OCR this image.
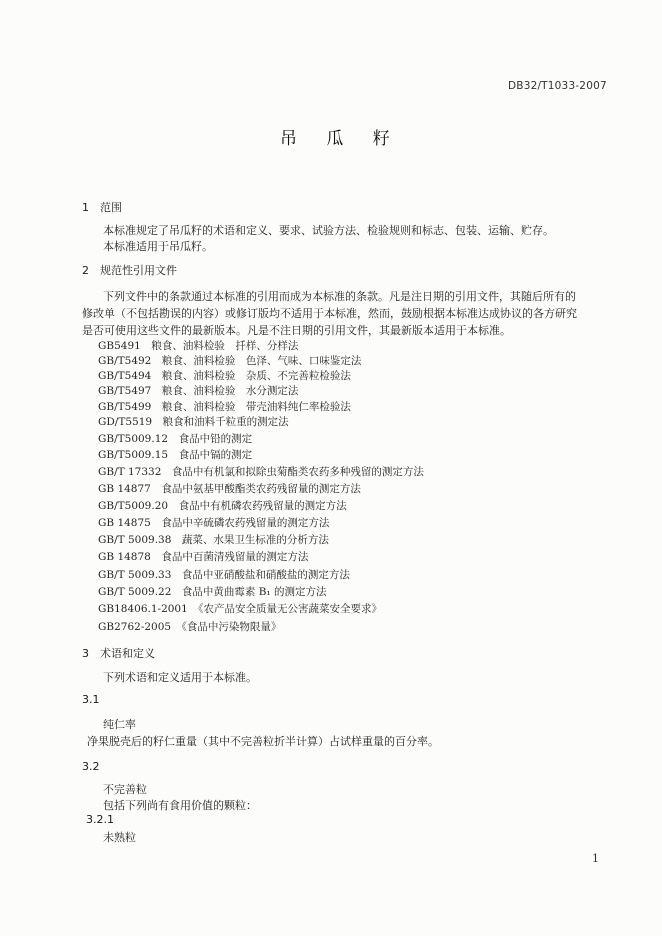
DB32/T1033-2007
吊 瓜 籽
1　范围
本标准规定了吊瓜籽的术语和定义、要求、试验方法、检验规则和标志、包装、运输、贮存。
本标准适用于吊瓜籽。
2　规范性引用文件
下列文件中的条款通过本标准的引用而成为本标准的条款。凡是注日期的引用文件，其随后所有的
修改单（不包括勘误的内容）或修订版均不适用于本标准，然而，鼓励根据本标准达成协议的各方研究
是否可使用这些文件的最新版本。凡是不注日期的引用文件，其最新版本适用于本标准。
GB5491　 粮食、油料检验　扦样、分样法
GB/T5492　 粮食、油料检验　色泽、气味、口味鉴定法
GB/T5494　 粮食、油料检验　杂质、不完善粒检验法
GB/T5497　 粮食、油料检验　水分测定法
GB/T5499　 粮食、油料检验　带壳油料纯仁率检验法
GD/T5519　 粮食和油料千粒重的测定法
GB/T5009.12　 食品中铅的测定
GB/T5009.15　 食品中镉的测定
GB/T 17332　 食品中有机氯和拟除虫菊酯类农药多种残留的测定方法
GB 14877　 食品中氨基甲酸酯类农药残留量的测定方法
GB/T5009.20　 食品中有机磷农药残留量的测定方法
GB 14875　 食品中辛硫磷农药残留量的测定方法
GB/T 5009.38　 蔬菜、水果卫生标准的分析方法
GB 14878　 食品中百菌清残留量的测定方法
GB/T 5009.33　 食品中亚硝酸盐和硝酸盐的测定方法
GB/T 5009.22　 食品中黄曲霉素 B₁ 的测定方法
GB18406.1-2001　 《农产品安全质量无公害蔬菜安全要求》
GB2762-2005　 《食品中污染物限量》
3　术语和定义
下列术语和定义适用于本标准。
3.1
纯仁率
净果脱壳后的籽仁重量（其中不完善粒折半计算）占试样重量的百分率。
3.2
不完善粒
包括下列尚有食用价值的颗粒：
3.2.1
未熟粒
1
